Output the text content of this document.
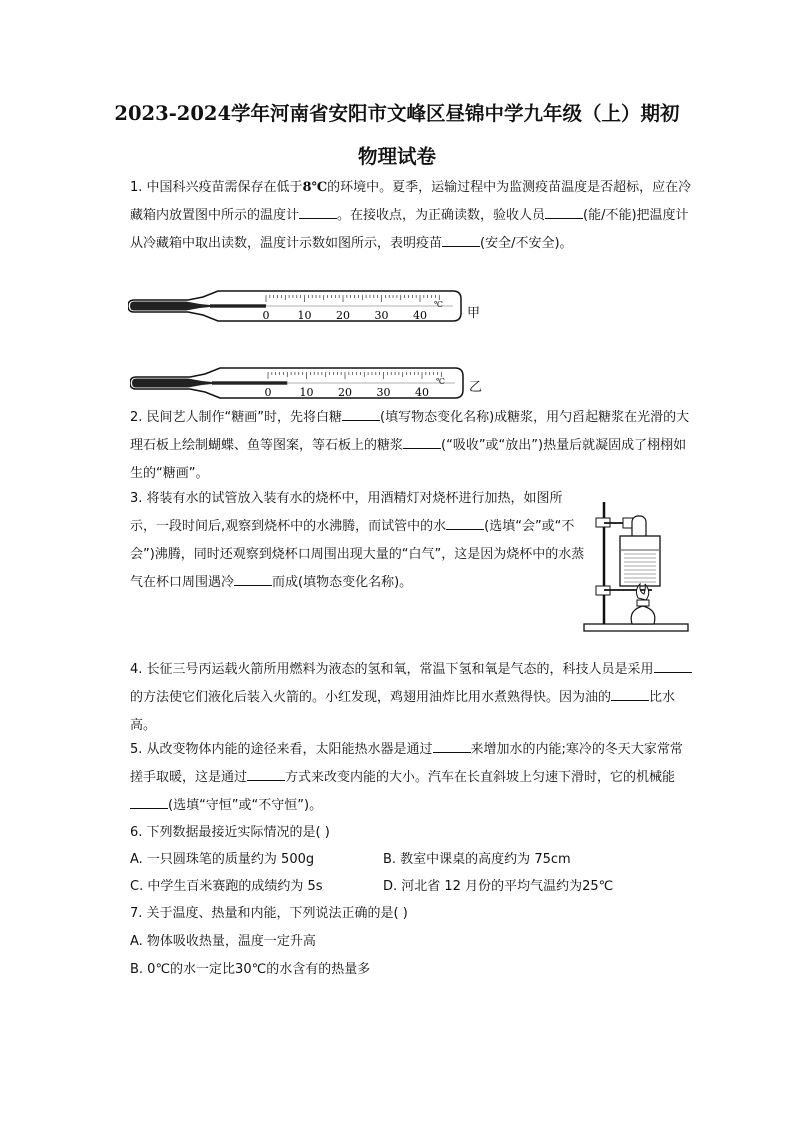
2023-2024学年河南省安阳市文峰区昼锦中学九年级（上）期初
物理试卷
1. 中国科兴疫苗需保存在低于8℃的环境中。夏季，运输过程中为监测疫苗温度是否超标，应在冷藏箱内放置图中所示的温度计	。在接收点，为正确读数，验收人员	(能/不能)把温度计从冷藏箱中取出读数，温度计示数如图所示，表明疫苗	(安全/不安全)。
0	10 20 30 40
℃
甲
0	10 20 30 40
℃ 乙
2. 民间艺人制作“糖画”时，先将白糖	(填写物态变化名称)成糖浆，用勺舀起糖浆在光滑的大理石板上绘制蝴蝶、鱼等图案，等石板上的糖浆	(“吸收”或“放出”)热量后就凝固成了栩栩如生的“糖画”。
3. 将装有水的试管放入装有水的烧杯中，用酒精灯对烧杯进行加热，如图所示，一段时间后,观察到烧杯中的水沸腾，而试管中的水	(选填“会”或“不会”)沸腾，同时还观察到烧杯口周围出现大量的“白气”，这是因为烧杯中的水蒸气在杯口周围遇冷	而成(填物态变化名称)。
4. 长征三号丙运载火箭所用燃料为液态的氢和氧，常温下氢和氧是气态的，科技人员是采用的方法使它们液化后装入火箭的。小红发现，鸡翅用油炸比用水煮熟得快。因为油的	比水高。
5. 从改变物体内能的途径来看，太阳能热水器是通过	来增加水的内能;寒冷的冬天大家常常搓手取暖，这是通过	方式来改变内能的大小。汽车在长直斜坡上匀速下滑时，它的机械能(选填“守恒”或“不守恒”)。
6. 下列数据最接近实际情况的是( )
A. 一只圆珠笔的质量约为 500g	B. 教室中课桌的高度约为 75cm
C. 中学生百米赛跑的成绩约为 5s	D. 河北省 12 月份的平均气温约为25℃
7. 关于温度、热量和内能，下列说法正确的是( )
A. 物体吸收热量，温度一定升高
B. 0℃的水一定比30℃的水含有的热量多
